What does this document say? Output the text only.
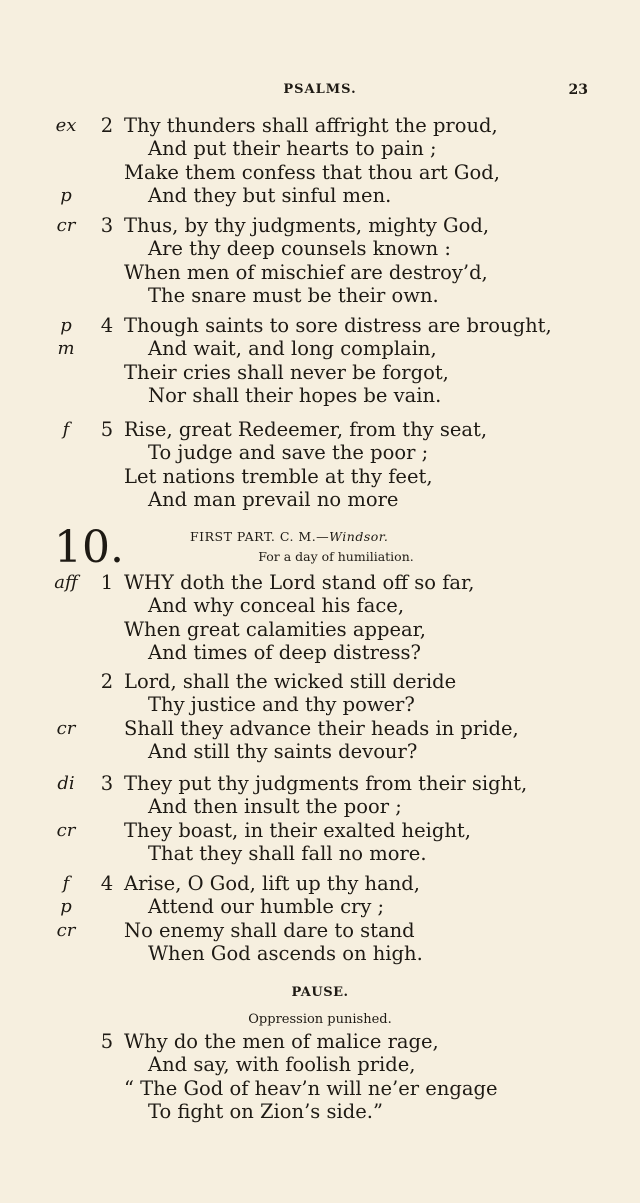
PSALMS.	23
ex	2 Thy thunders shall affright the proud,
And put their hearts to pain ;
Make them confess that thou art God,
p	And they but sinful men.
cr	3 Thus, by thy judgments, mighty God,
Are thy deep counsels known :
When men of mischief are destroy’d,
The snare must be their own.
p	4 Though saints to sore distress are brought,
m	And wait, and long complain,
Their cries shall never be forgot,
Nor shall their hopes be vain.
f	5 Rise, great Redeemer, from thy seat,
To judge and save the poor ;
Let nations tremble at thy feet,
And man prevail no more
10.	FIRST PART. C. M.—Windsor.
For a day of humiliation.
aff	1 WHY doth the Lord stand off so far,
And why conceal his face,
When great calamities appear,
And times of deep distress?
2 Lord, shall the wicked still deride
Thy justice and thy power?
cr	Shall they advance their heads in pride,
And still thy saints devour?
di	3 They put thy judgments from their sight,
And then insult the poor ;
cr	They boast, in their exalted height,
That they shall fall no more.
f	4 Arise, O God, lift up thy hand,
p	Attend our humble cry ;
cr	No enemy shall dare to stand
When God ascends on high.
PAUSE.
Oppression punished.
5 Why do the men of malice rage,
And say, with foolish pride,
“ The God of heav’n will ne’er engage
To fight on Zion’s side.”
